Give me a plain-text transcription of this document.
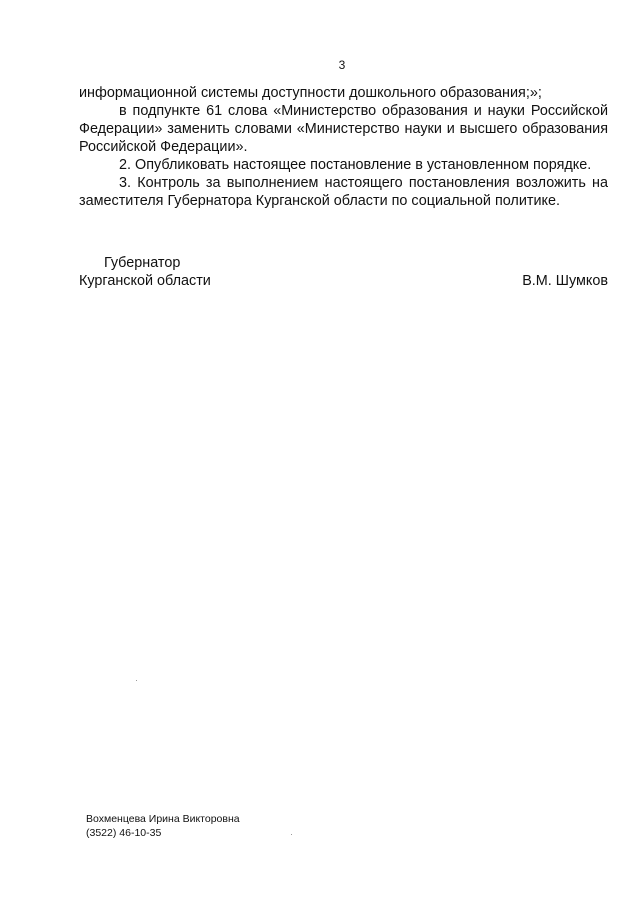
3

информационной системы доступности дошкольного образования;»;

в подпункте 61 слова «Министерство образования и науки Российской Федерации» заменить словами «Министерство науки и высшего образования Российской Федерации».

2. Опубликовать настоящее постановление в установленном порядке.

3. Контроль за выполнением настоящего постановления возложить на заместителя Губернатора Курганской области по социальной политике.

Губернатор
Курганской области	В.М. Шумков
Вохменцева Ирина Викторовна
(3522) 46-10-35
